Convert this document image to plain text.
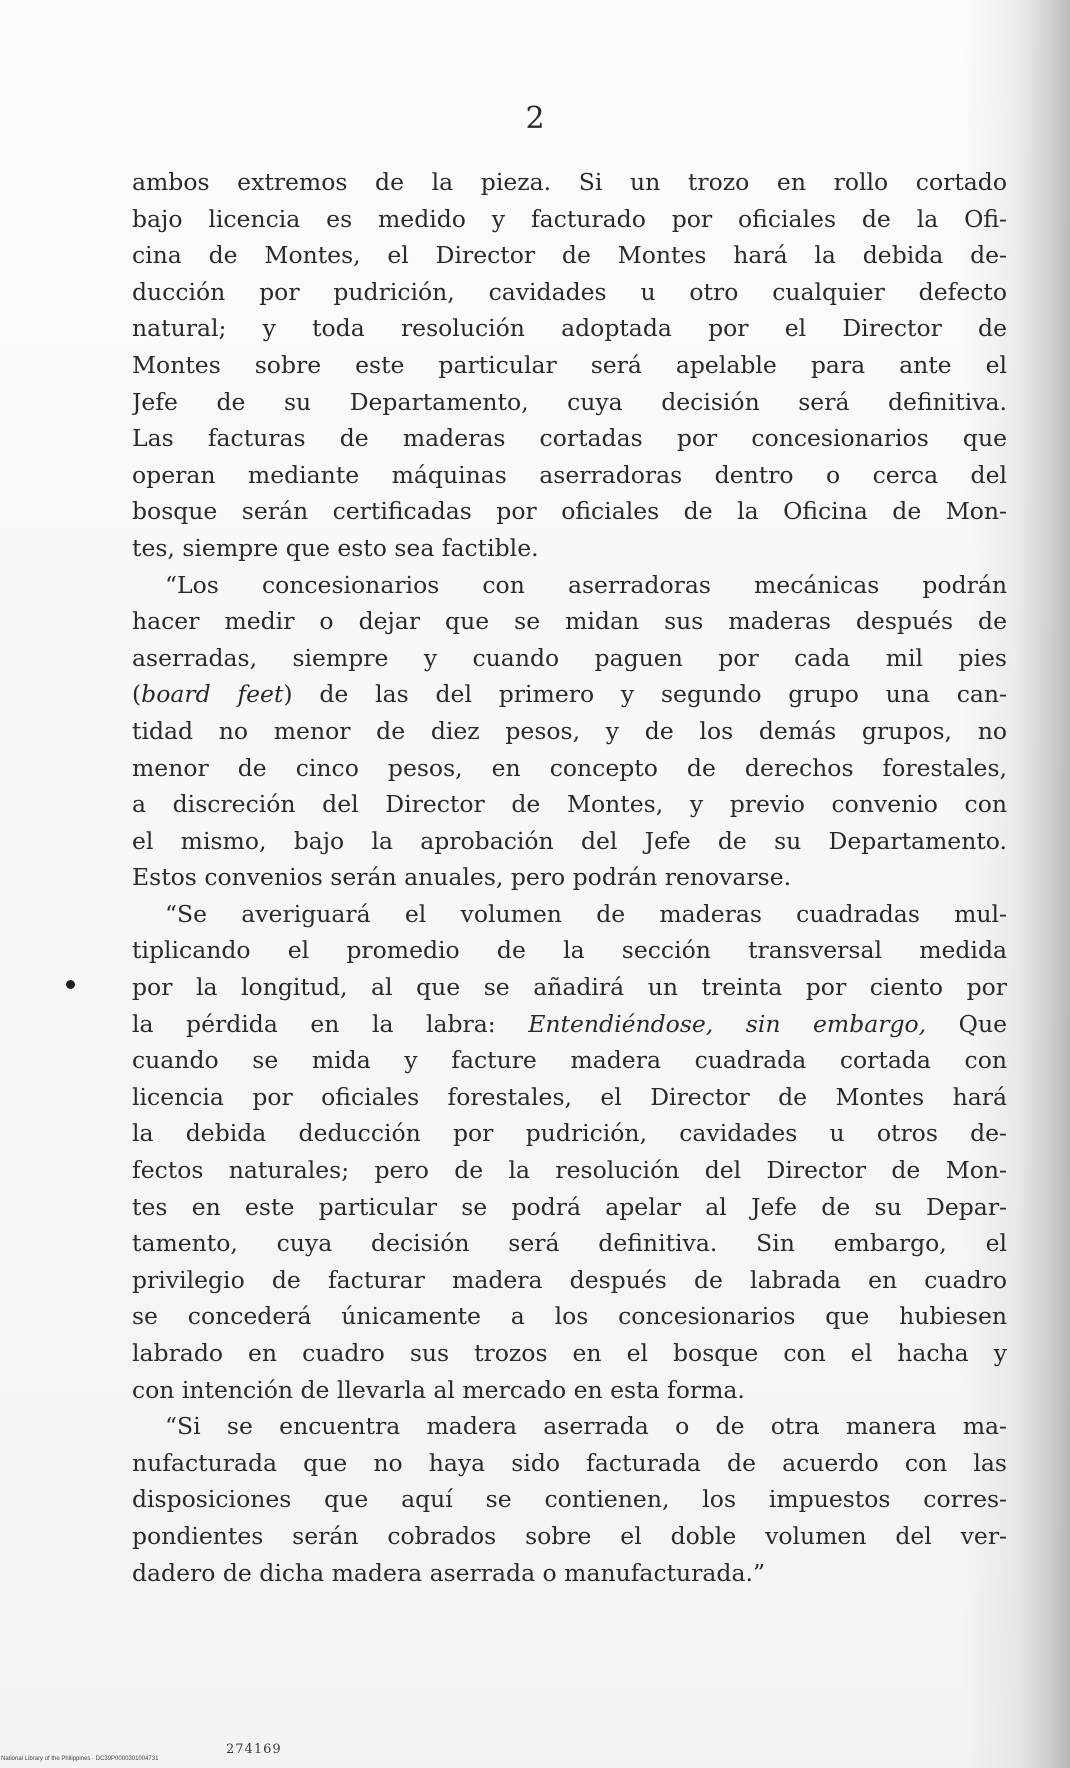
2

ambos extremos de la pieza. Si un trozo en rollo cortado
bajo licencia es medido y facturado por oficiales de la Ofi-
cina de Montes, el Director de Montes hará la debida de-
ducción por pudrición, cavidades u otro cualquier defecto
natural; y toda resolución adoptada por el Director de
Montes sobre este particular será apelable para ante el
Jefe de su Departamento, cuya decisión será definitiva.
Las facturas de maderas cortadas por concesionarios que
operan mediante máquinas aserradoras dentro o cerca del
bosque serán certificadas por oficiales de la Oficina de Mon-
tes, siempre que esto sea factible.
“Los concesionarios con aserradoras mecánicas podrán
hacer medir o dejar que se midan sus maderas después de
aserradas, siempre y cuando paguen por cada mil pies
(board feet) de las del primero y segundo grupo una can-
tidad no menor de diez pesos, y de los demás grupos, no
menor de cinco pesos, en concepto de derechos forestales,
a discreción del Director de Montes, y previo convenio con
el mismo, bajo la aprobación del Jefe de su Departamento.
Estos convenios serán anuales, pero podrán renovarse.
“Se averiguará el volumen de maderas cuadradas mul-
tiplicando el promedio de la sección transversal medida
por la longitud, al que se añadirá un treinta por ciento por
la pérdida en la labra: Entendiéndose, sin embargo, Que
cuando se mida y facture madera cuadrada cortada con
licencia por oficiales forestales, el Director de Montes hará
la debida deducción por pudrición, cavidades u otros de-
fectos naturales; pero de la resolución del Director de Mon-
tes en este particular se podrá apelar al Jefe de su Depar-
tamento, cuya decisión será definitiva. Sin embargo, el
privilegio de facturar madera después de labrada en cuadro
se concederá únicamente a los concesionarios que hubiesen
labrado en cuadro sus trozos en el bosque con el hacha y
con intención de llevarla al mercado en esta forma.
“Si se encuentra madera aserrada o de otra manera ma-
nufacturada que no haya sido facturada de acuerdo con las
disposiciones que aquí se contienen, los impuestos corres-
pondientes serán cobrados sobre el doble volumen del ver-
dadero de dicha madera aserrada o manufacturada.”

274169

National Library of the Philippines · DC39P0000301004731
